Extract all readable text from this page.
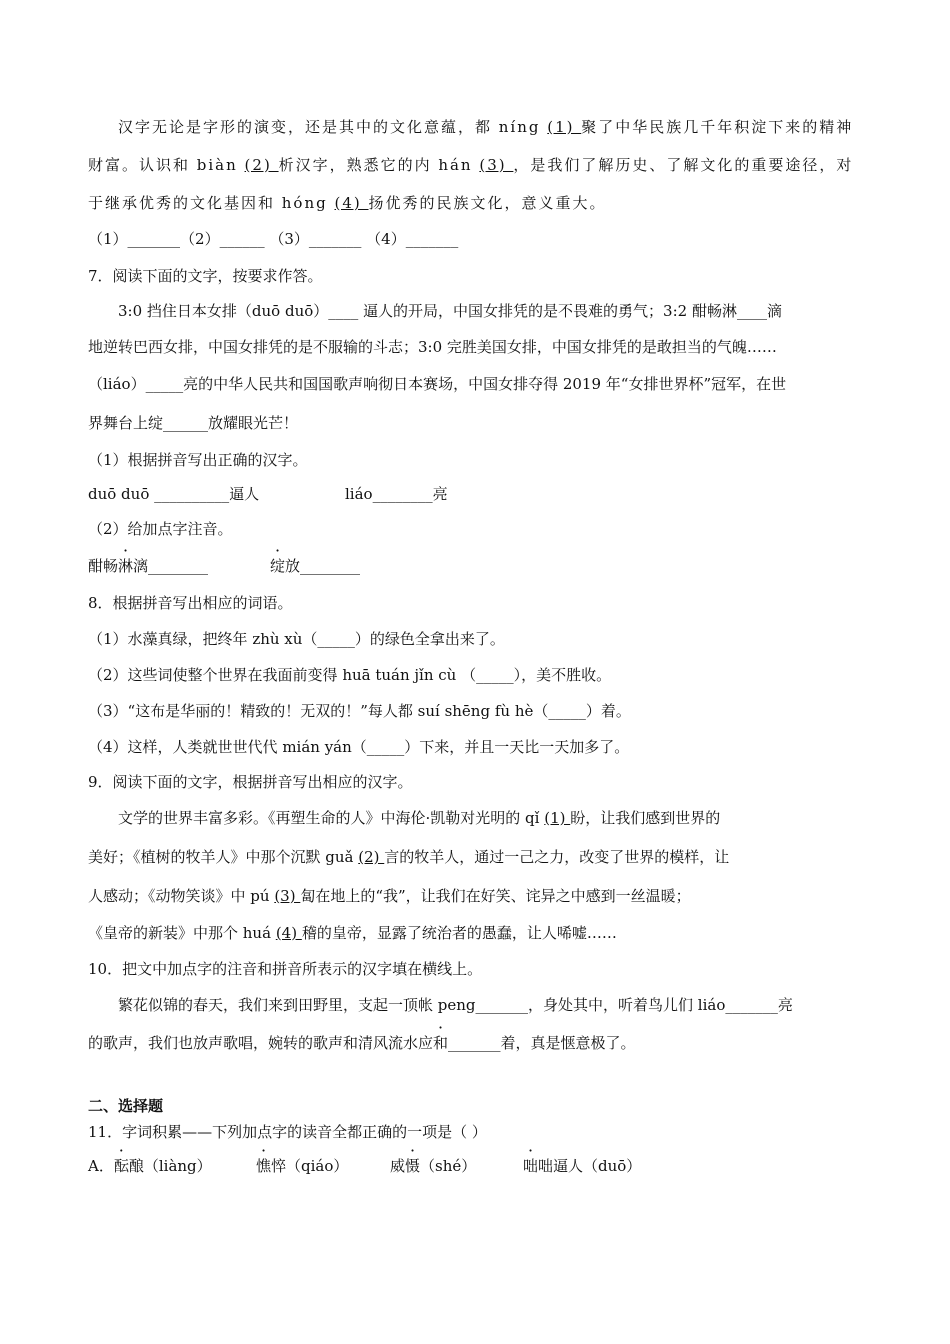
汉字无论是字形的演变，还是其中的文化意蕴，都 níng (1) 聚了中华民族几千年积淀下来的精神
财富。认识和 biàn (2) 析汉字，熟悉它的内 hán (3) ，是我们了解历史、了解文化的重要途径，对
于继承优秀的文化基因和 hóng (4) 扬优秀的民族文化，意义重大。
（1）_______（2）______ （3）_______ （4）_______
7．阅读下面的文字，按要求作答。
3:0 挡住日本女排（duō duō）____ 逼人的开局，中国女排凭的是不畏难的勇气；3:2 酣畅淋____滴
地逆转巴西女排，中国女排凭的是不服输的斗志；3:0 完胜美国女排，中国女排凭的是敢担当的气魄……
（liáo）_____亮的中华人民共和国国歌声响彻日本赛场，中国女排夺得 2019 年“女排世界杯”冠军，在世
界舞台上绽______放耀眼光芒！
（1）根据拼音写出正确的汉字。
duō duō __________逼人	liáo________亮
（2）给加点字注音。
酣畅淋漓________	绽放________
8．根据拼音写出相应的词语。
（1）水藻真绿，把终年 zhù xù（_____）的绿色全拿出来了。
（2）这些词使整个世界在我面前变得 huā tuán jǐn cù （_____），美不胜收。
（3）“这布是华丽的！精致的！无双的！”每人都 suí shēng fù hè（_____）着。
（4）这样，人类就世世代代 mián yán（_____）下来，并且一天比一天加多了。
9．阅读下面的文字，根据拼音写出相应的汉字。
文学的世界丰富多彩。《再塑生命的人》中海伦·凯勒对光明的 qǐ (1) 盼，让我们感到世界的
美好；《植树的牧羊人》中那个沉默 guǎ (2) 言的牧羊人，通过一己之力，改变了世界的模样，让
人感动；《动物笑谈》中 pú (3) 匐在地上的“我”，让我们在好笑、诧异之中感到一丝温暖；
《皇帝的新装》中那个 huá (4) 稽的皇帝，显露了统治者的愚蠢，让人唏嘘……
10．把文中加点字的注音和拼音所表示的汉字填在横线上。
繁花似锦的春天，我们来到田野里，支起一顶帐 peng_______，身处其中，听着鸟儿们 liáo_______亮
的歌声，我们也放声歌唱，婉转的歌声和清风流水应和_______着，真是惬意极了。
二、选择题
11．字词积累——下列加点字的读音全都正确的一项是（ ）
A．酝酿（liàng）	憔悴（qiáo）	威慑（shé）	咄咄逼人（duō）
